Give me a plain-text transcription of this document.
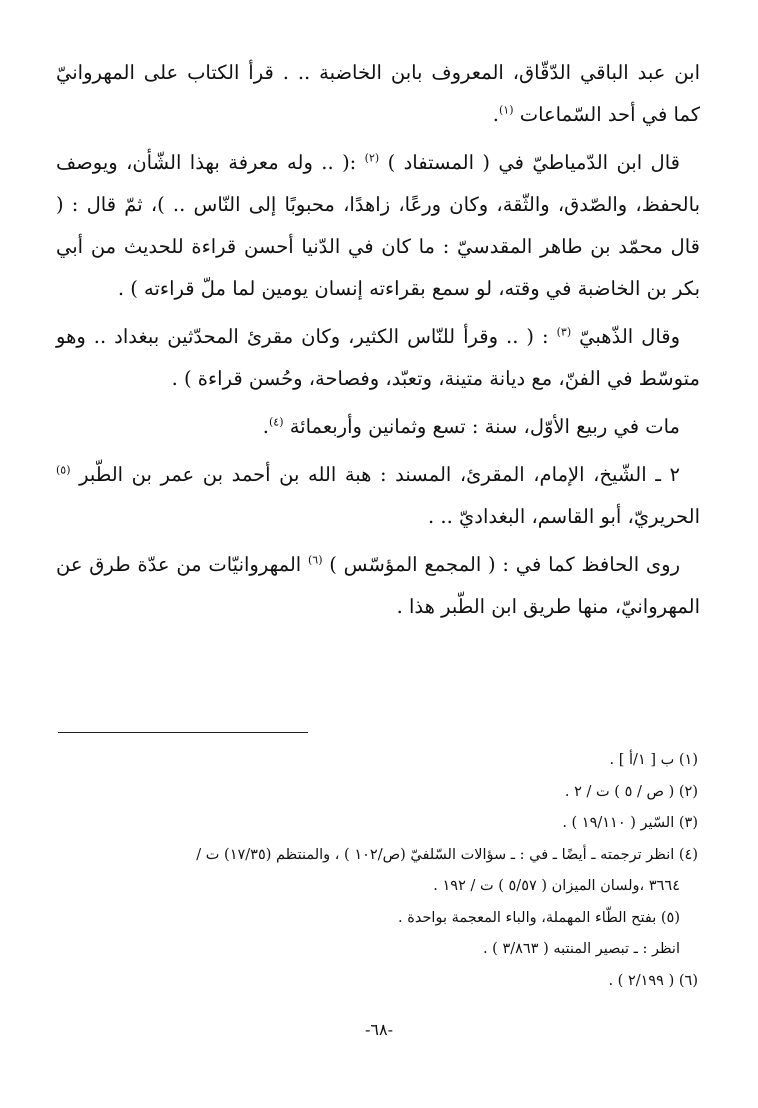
ابن عبد الباقي الدّقّاق، المعروف بابن الخاضبة .. . قرأ الكتاب على المهروانيّ كما في أحد السّماعات $^{(١)}$.

قال ابن الدّمياطيّ في ( المستفاد ) $^{(٢)}$ :( .. وله معرفة بهذا الشّأن، ويوصف بالحفظ، والصّدق، والثّقة، وكان ورعًا، زاهدًا، محبوبًا إلى النّاس .. )، ثمّ قال : ( قال محمّد بن طاهر المقدسيّ : ما كان في الدّنيا أحسن قراءة للحديث من أبي بكر بن الخاضبة في وقته، لو سمع بقراءته إنسان يومين لما ملّ قراءته ) .

وقال الذّهبيّ $^{(٣)}$ : ( .. وقرأ للنّاس الكثير، وكان مقرئ المحدّثين ببغداد .. وهو متوسّط في الفنّ، مع ديانة متينة، وتعبّد، وفصاحة، وحُسن قراءة ) .

مات في ربيع الأوّل، سنة : تسع وثمانين وأربعمائة $^{(٤)}$.

٢ ـ الشّيخ، الإمام، المقرئ، المسند : هبة الله بن أحمد بن عمر بن الطّبر $^{(٥)}$ الحريريّ، أبو القاسم، البغداديّ .. .

روى الحافظ كما في : ( المجمع المؤسّس ) $^{(٦)}$ المهروانيّات من عدّة طرق عن المهروانيّ، منها طريق ابن الطّبر هذا .

(١) ب [ ١/أ ] .
(٢) ( ص / ٥ ) ت / ٢ .
(٣) السّير ( ١٩/١١٠ ) .
(٤) انظر ترجمته ـ أيضًا ـ في : ـ سؤالات السّلفيّ (ص/١٠٢ ) ، والمنتظم (١٧/٣٥) ت /
٣٦٦٤ ،ولسان الميزان ( ٥/٥٧ ) ت / ١٩٢ .
(٥) بفتح الطّاء المهملة، والباء المعجمة بواحدة .
انظر : ـ تبصير المنتبه ( ٣/٨٦٣ ) .
(٦) ( ٢/١٩٩ ) .
-٦٨-
